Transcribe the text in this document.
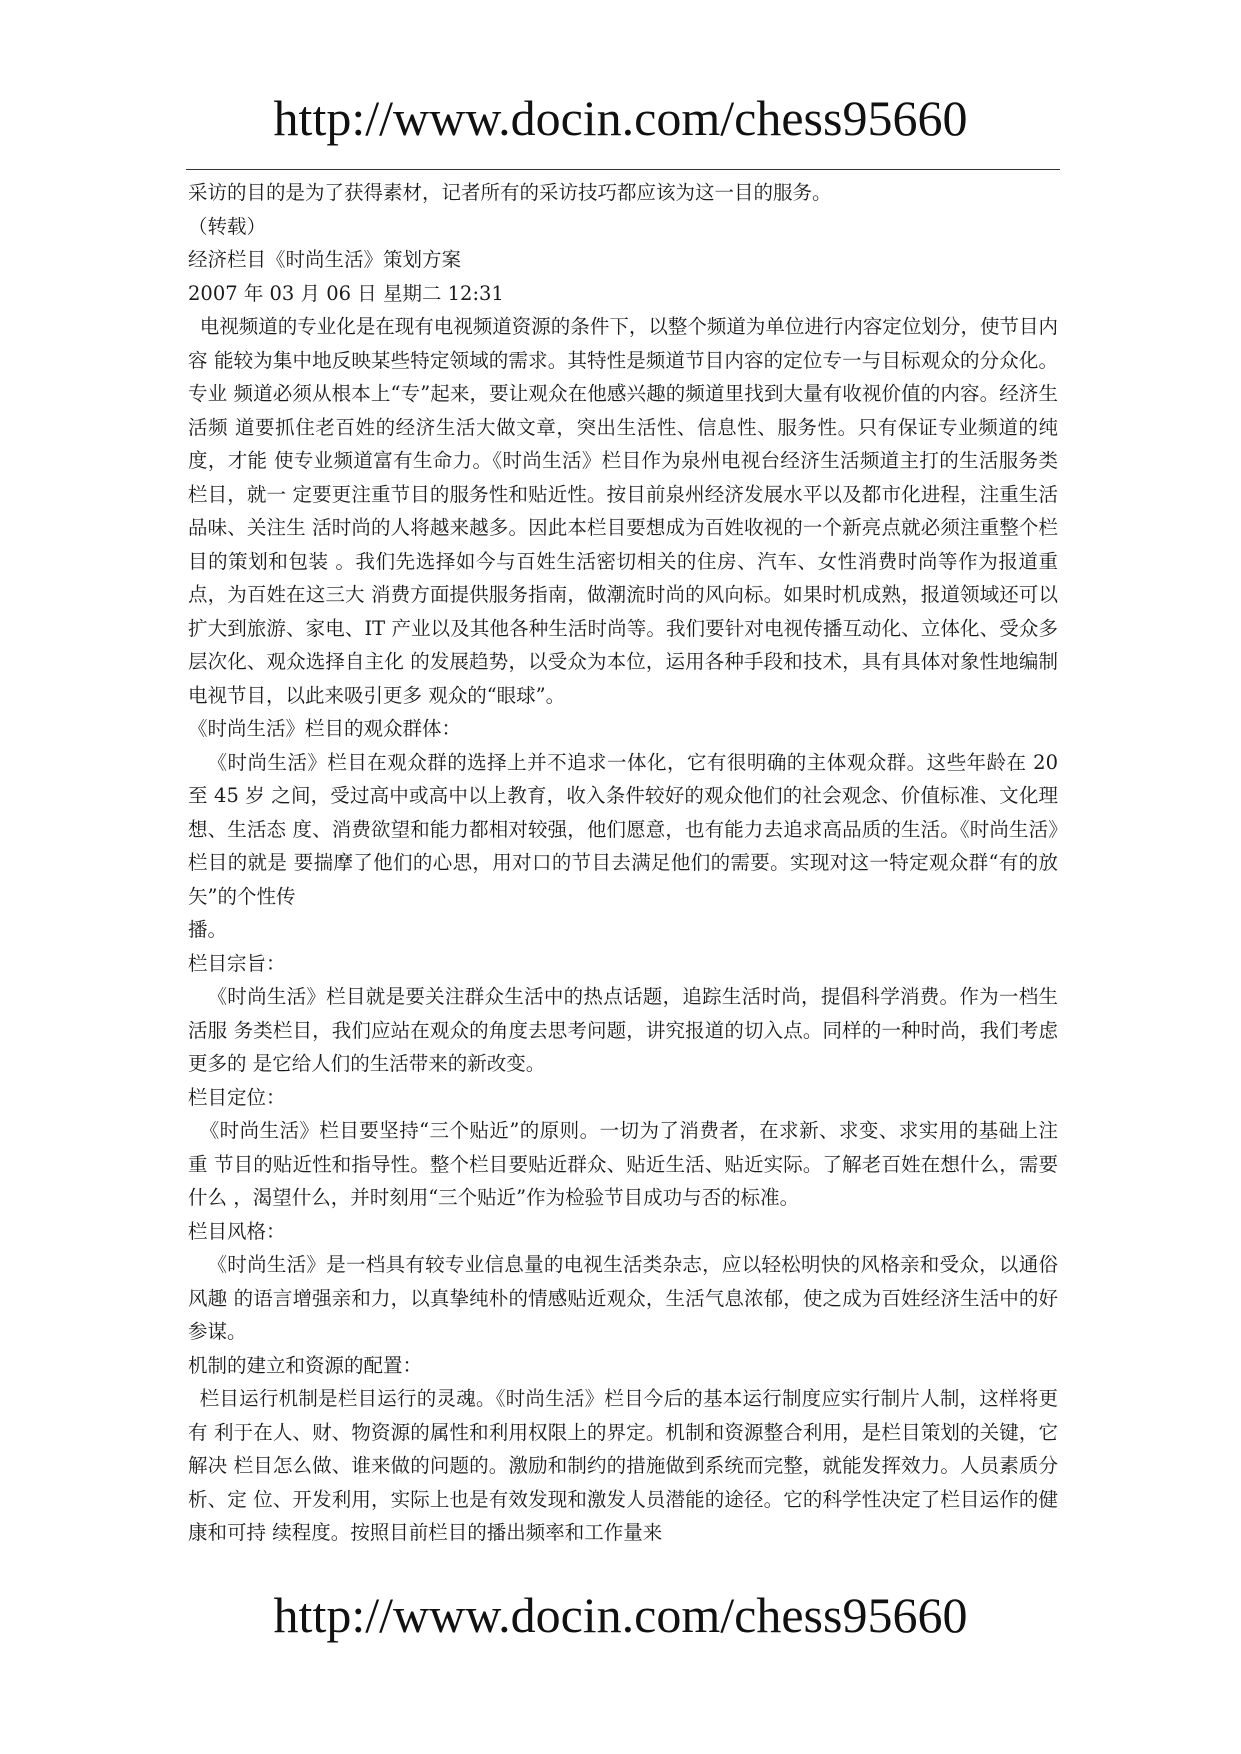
http://www.docin.com/chess95660
采访的目的是为了获得素材，记者所有的采访技巧都应该为这一目的服务。
（转载）
经济栏目《时尚生活》策划方案
2007 年 03 月 06 日 星期二 12:31

电视频道的专业化是在现有电视频道资源的条件下，以整个频道为单位进行内容定位划分，使节目内容 能较为集中地反映某些特定领域的需求。其特性是频道节目内容的定位专一与目标观众的分众化。专业 频道必须从根本上“专”起来，要让观众在他感兴趣的频道里找到大量有收视价值的内容。经济生活频 道要抓住老百姓的经济生活大做文章，突出生活性、信息性、服务性。只有保证专业频道的纯度，才能 使专业频道富有生命力。《时尚生活》栏目作为泉州电视台经济生活频道主打的生活服务类栏目，就一 定要更注重节目的服务性和贴近性。按目前泉州经济发展水平以及都市化进程，注重生活品味、关注生 活时尚的人将越来越多。因此本栏目要想成为百姓收视的一个新亮点就必须注重整个栏目的策划和包装 。我们先选择如今与百姓生活密切相关的住房、汽车、女性消费时尚等作为报道重点，为百姓在这三大 消费方面提供服务指南，做潮流时尚的风向标。如果时机成熟，报道领域还可以扩大到旅游、家电、IT 产业以及其他各种生活时尚等。我们要针对电视传播互动化、立体化、受众多层次化、观众选择自主化 的发展趋势，以受众为本位，运用各种手段和技术，具有具体对象性地编制电视节目，以此来吸引更多 观众的“眼球”。

《时尚生活》栏目的观众群体：

《时尚生活》栏目在观众群的选择上并不追求一体化，它有很明确的主体观众群。这些年龄在 20 至 45 岁 之间，受过高中或高中以上教育，收入条件较好的观众他们的社会观念、价值标准、文化理想、生活态 度、消费欲望和能力都相对较强，他们愿意，也有能力去追求高品质的生活。《时尚生活》栏目的就是 要揣摩了他们的心思，用对口的节目去满足他们的需要。实现对这一特定观众群“有的放矢”的个性传

播。
栏目宗旨：

《时尚生活》栏目就是要关注群众生活中的热点话题，追踪生活时尚，提倡科学消费。作为一档生活服 务类栏目，我们应站在观众的角度去思考问题，讲究报道的切入点。同样的一种时尚，我们考虑更多的 是它给人们的生活带来的新改变。

栏目定位：

《时尚生活》栏目要坚持“三个贴近”的原则。一切为了消费者，在求新、求变、求实用的基础上注重 节目的贴近性和指导性。整个栏目要贴近群众、贴近生活、贴近实际。了解老百姓在想什么，需要什么 ，渴望什么，并时刻用“三个贴近”作为检验节目成功与否的标准。

栏目风格：

《时尚生活》是一档具有较专业信息量的电视生活类杂志，应以轻松明快的风格亲和受众，以通俗风趣 的语言增强亲和力，以真挚纯朴的情感贴近观众，生活气息浓郁，使之成为百姓经济生活中的好参谋。

机制的建立和资源的配置：

栏目运行机制是栏目运行的灵魂。《时尚生活》栏目今后的基本运行制度应实行制片人制，这样将更有 利于在人、财、物资源的属性和利用权限上的界定。机制和资源整合利用，是栏目策划的关键，它解决 栏目怎么做、谁来做的问题的。激励和制约的措施做到系统而完整，就能发挥效力。人员素质分析、定 位、开发利用，实际上也是有效发现和激发人员潜能的途径。它的科学性决定了栏目运作的健康和可持 续程度。按照目前栏目的播出频率和工作量来

http://www.docin.com/chess95660
